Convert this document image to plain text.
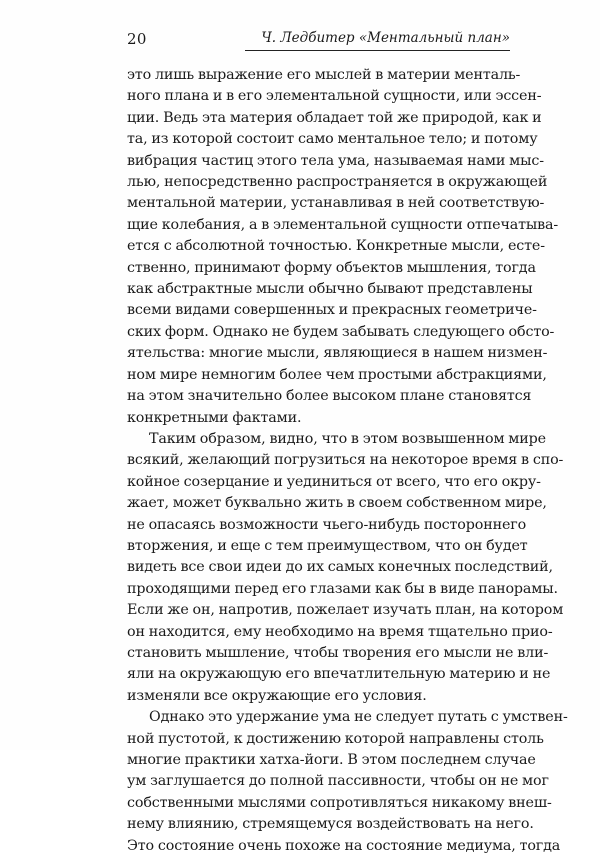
20	Ч. Ледбитер «Ментальный план»

это лишь выражение его мыслей в материи менталь-
ного плана и в его элементальной сущности, или эссен-
ции. Ведь эта материя обладает той же природой, как и
та, из которой состоит само ментальное тело; и потому
вибрация частиц этого тела ума, называемая нами мыс-
лью, непосредственно распространяется в окружающей
ментальной материи, устанавливая в ней соответствую-
щие колебания, а в элементальной сущности отпечатыва-
ется с абсолютной точностью. Конкретные мысли, есте-
ственно, принимают форму объектов мышления, тогда
как абстрактные мысли обычно бывают представлены
всеми видами совершенных и прекрасных геометриче-
ских форм. Однако не будем забывать следующего обсто-
ятельства: многие мысли, являющиеся в нашем низмен-
ном мире немногим более чем простыми абстракциями,
на этом значительно более высоком плане становятся
конкретными фактами.

Таким образом, видно, что в этом возвышенном мире
всякий, желающий погрузиться на некоторое время в спо-
койное созерцание и уединиться от всего, что его окру-
жает, может буквально жить в своем собственном мире,
не опасаясь возможности чьего-нибудь постороннего
вторжения, и еще с тем преимуществом, что он будет
видеть все свои идеи до их самых конечных последствий,
проходящими перед его глазами как бы в виде панорамы.
Если же он, напротив, пожелает изучать план, на котором
он находится, ему необходимо на время тщательно прио-
становить мышление, чтобы творения его мысли не вли-
яли на окружающую его впечатлительную материю и не
изменяли все окружающие его условия.

Однако это удержание ума не следует путать с умствен-
ной пустотой, к достижению которой направлены столь
многие практики хатха-йоги. В этом последнем случае
ум заглушается до полной пассивности, чтобы он не мог
собственными мыслями сопротивляться никакому внеш-
нему влиянию, стремящемуся воздействовать на него.
Это состояние очень похоже на состояние медиума, тогда
